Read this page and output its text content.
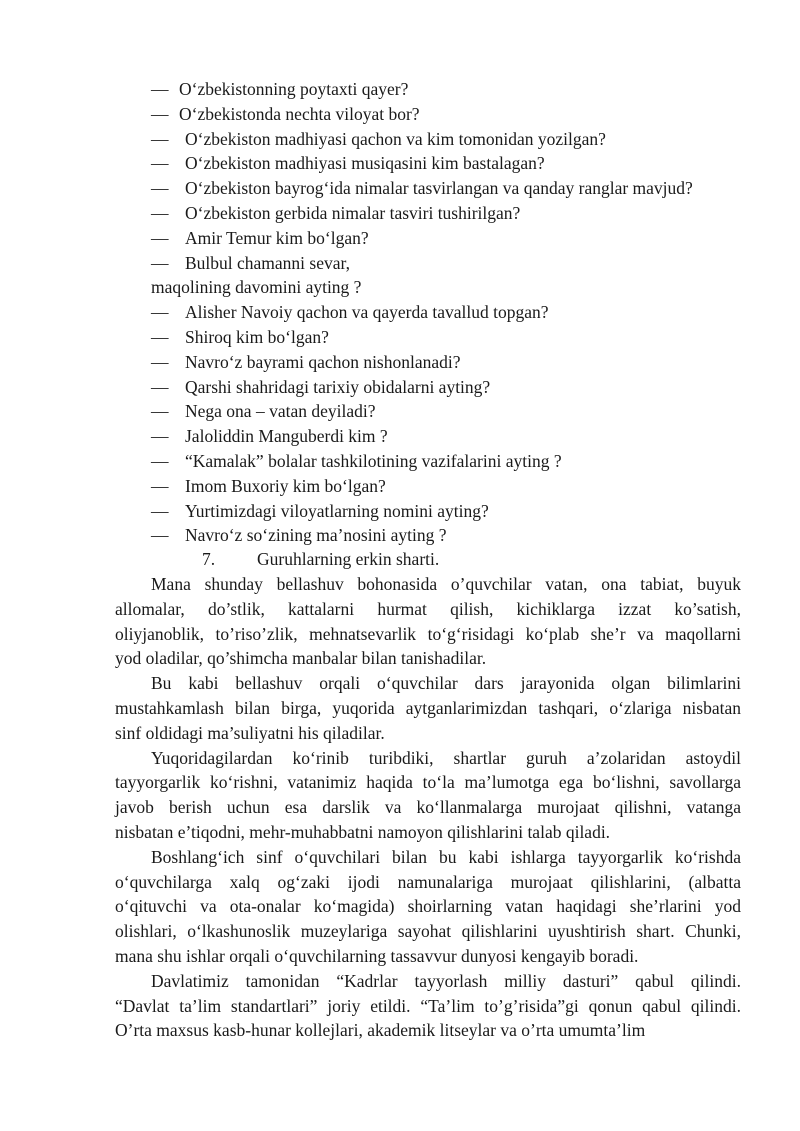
— O‘zbekistonning poytaxti qayer?
— O‘zbekistonda nechta viloyat bor?
— O‘zbekiston madhiyasi qachon va kim tomonidan yozilgan?
— O‘zbekiston madhiyasi musiqasini kim bastalagan?
— O‘zbekiston bayrog‘ida nimalar tasvirlangan va qanday ranglar mavjud?
— O‘zbekiston gerbida nimalar tasviri tushirilgan?
— Amir Temur kim bo‘lgan?
— Bulbul chamanni sevar,
maqolining davomini ayting ?
— Alisher Navoiy qachon va qayerda tavallud topgan?
— Shiroq kim bo‘lgan?
— Navro‘z bayrami qachon nishonlanadi?
— Qarshi shahridagi tarixiy obidalarni ayting?
— Nega ona – vatan deyiladi?
— Jaloliddin Manguberdi kim ?
— “Kamalak” bolalar tashkilotining vazifalarini ayting ?
— Imom Buxoriy kim bo‘lgan?
— Yurtimizdagi viloyatlarning nomini ayting?
— Navro‘z so‘zining ma’nosini ayting ?
7. Guruhlarning erkin sharti.
Mana shunday bellashuv bohonasida o’quvchilar vatan, ona tabiat, buyuk
allomalar, do’stlik, kattalarni hurmat qilish, kichiklarga izzat ko’satish,
oliyjanoblik, to’riso’zlik, mehnatsevarlik to‘g‘risidagi ko‘plab she’r va maqollarni
yod oladilar, qo’shimcha manbalar bilan tanishadilar.
Bu kabi bellashuv orqali o‘quvchilar dars jarayonida olgan bilimlarini
mustahkamlash bilan birga, yuqorida aytganlarimizdan tashqari, o‘zlariga nisbatan
sinf oldidagi ma’suliyatni his qiladilar.
Yuqoridagilardan ko‘rinib turibdiki, shartlar guruh a’zolaridan astoydil
tayyorgarlik ko‘rishni, vatanimiz haqida to‘la ma’lumotga ega bo‘lishni, savollarga
javob berish uchun esa darslik va ko‘llanmalarga murojaat qilishni, vatanga
nisbatan e’tiqodni, mehr-muhabbatni namoyon qilishlarini talab qiladi.
Boshlang‘ich sinf o‘quvchilari bilan bu kabi ishlarga tayyorgarlik ko‘rishda
o‘quvchilarga xalq og‘zaki ijodi namunalariga murojaat qilishlarini, (albatta
o‘qituvchi va ota-onalar ko‘magida) shoirlarning vatan haqidagi she’rlarini yod
olishlari, o‘lkashunoslik muzeylariga sayohat qilishlarini uyushtirish shart. Chunki,
mana shu ishlar orqali o‘quvchilarning tassavvur dunyosi kengayib boradi.
Davlatimiz tamonidan “Kadrlar tayyorlash milliy dasturi” qabul qilindi.
“Davlat ta’lim standartlari” joriy etildi. “Ta’lim to’g’risida”gi qonun qabul qilindi.
O’rta maxsus kasb-hunar kollejlari, akademik litseylar va o’rta umumta’lim
